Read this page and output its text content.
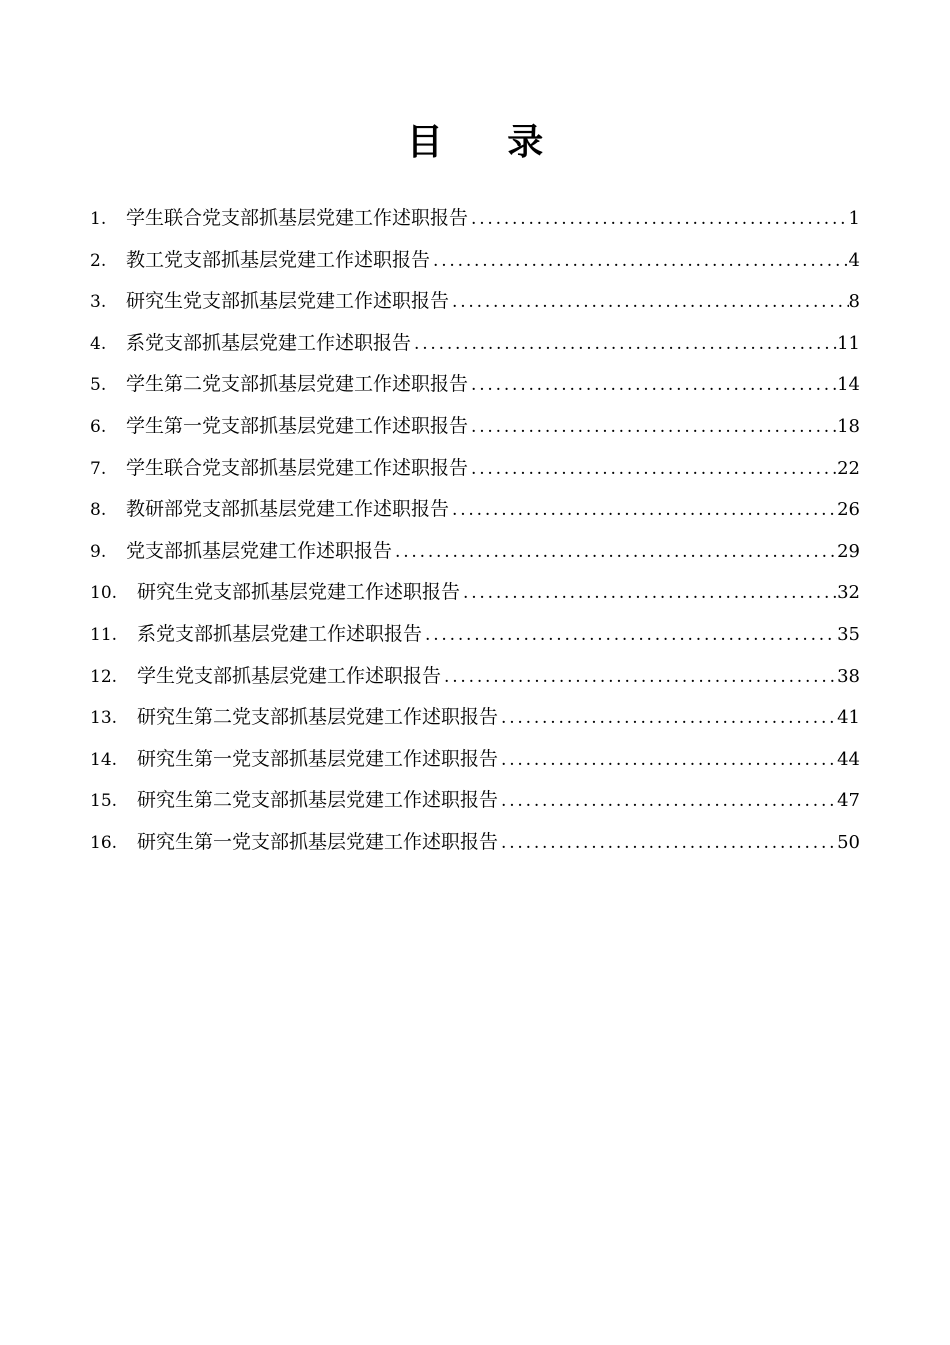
目 录
1.	学生联合党支部抓基层党建工作述职报告 .....	1
2.	教工党支部抓基层党建工作述职报告 .....	4
3.	研究生党支部抓基层党建工作述职报告 .....	8
4.	系党支部抓基层党建工作述职报告 .....	11
5.	学生第二党支部抓基层党建工作述职报告 .....	14
6.	学生第一党支部抓基层党建工作述职报告 .....	18
7.	学生联合党支部抓基层党建工作述职报告 .....	22
8.	教研部党支部抓基层党建工作述职报告 .....	26
9.	党支部抓基层党建工作述职报告 .....	29
10.	研究生党支部抓基层党建工作述职报告 .....	32
11.	系党支部抓基层党建工作述职报告 .....	35
12.	学生党支部抓基层党建工作述职报告 .....	38
13.	研究生第二党支部抓基层党建工作述职报告 .....	41
14.	研究生第一党支部抓基层党建工作述职报告 .....	44
15.	研究生第二党支部抓基层党建工作述职报告 .....	47
16.	研究生第一党支部抓基层党建工作述职报告 .....	50
